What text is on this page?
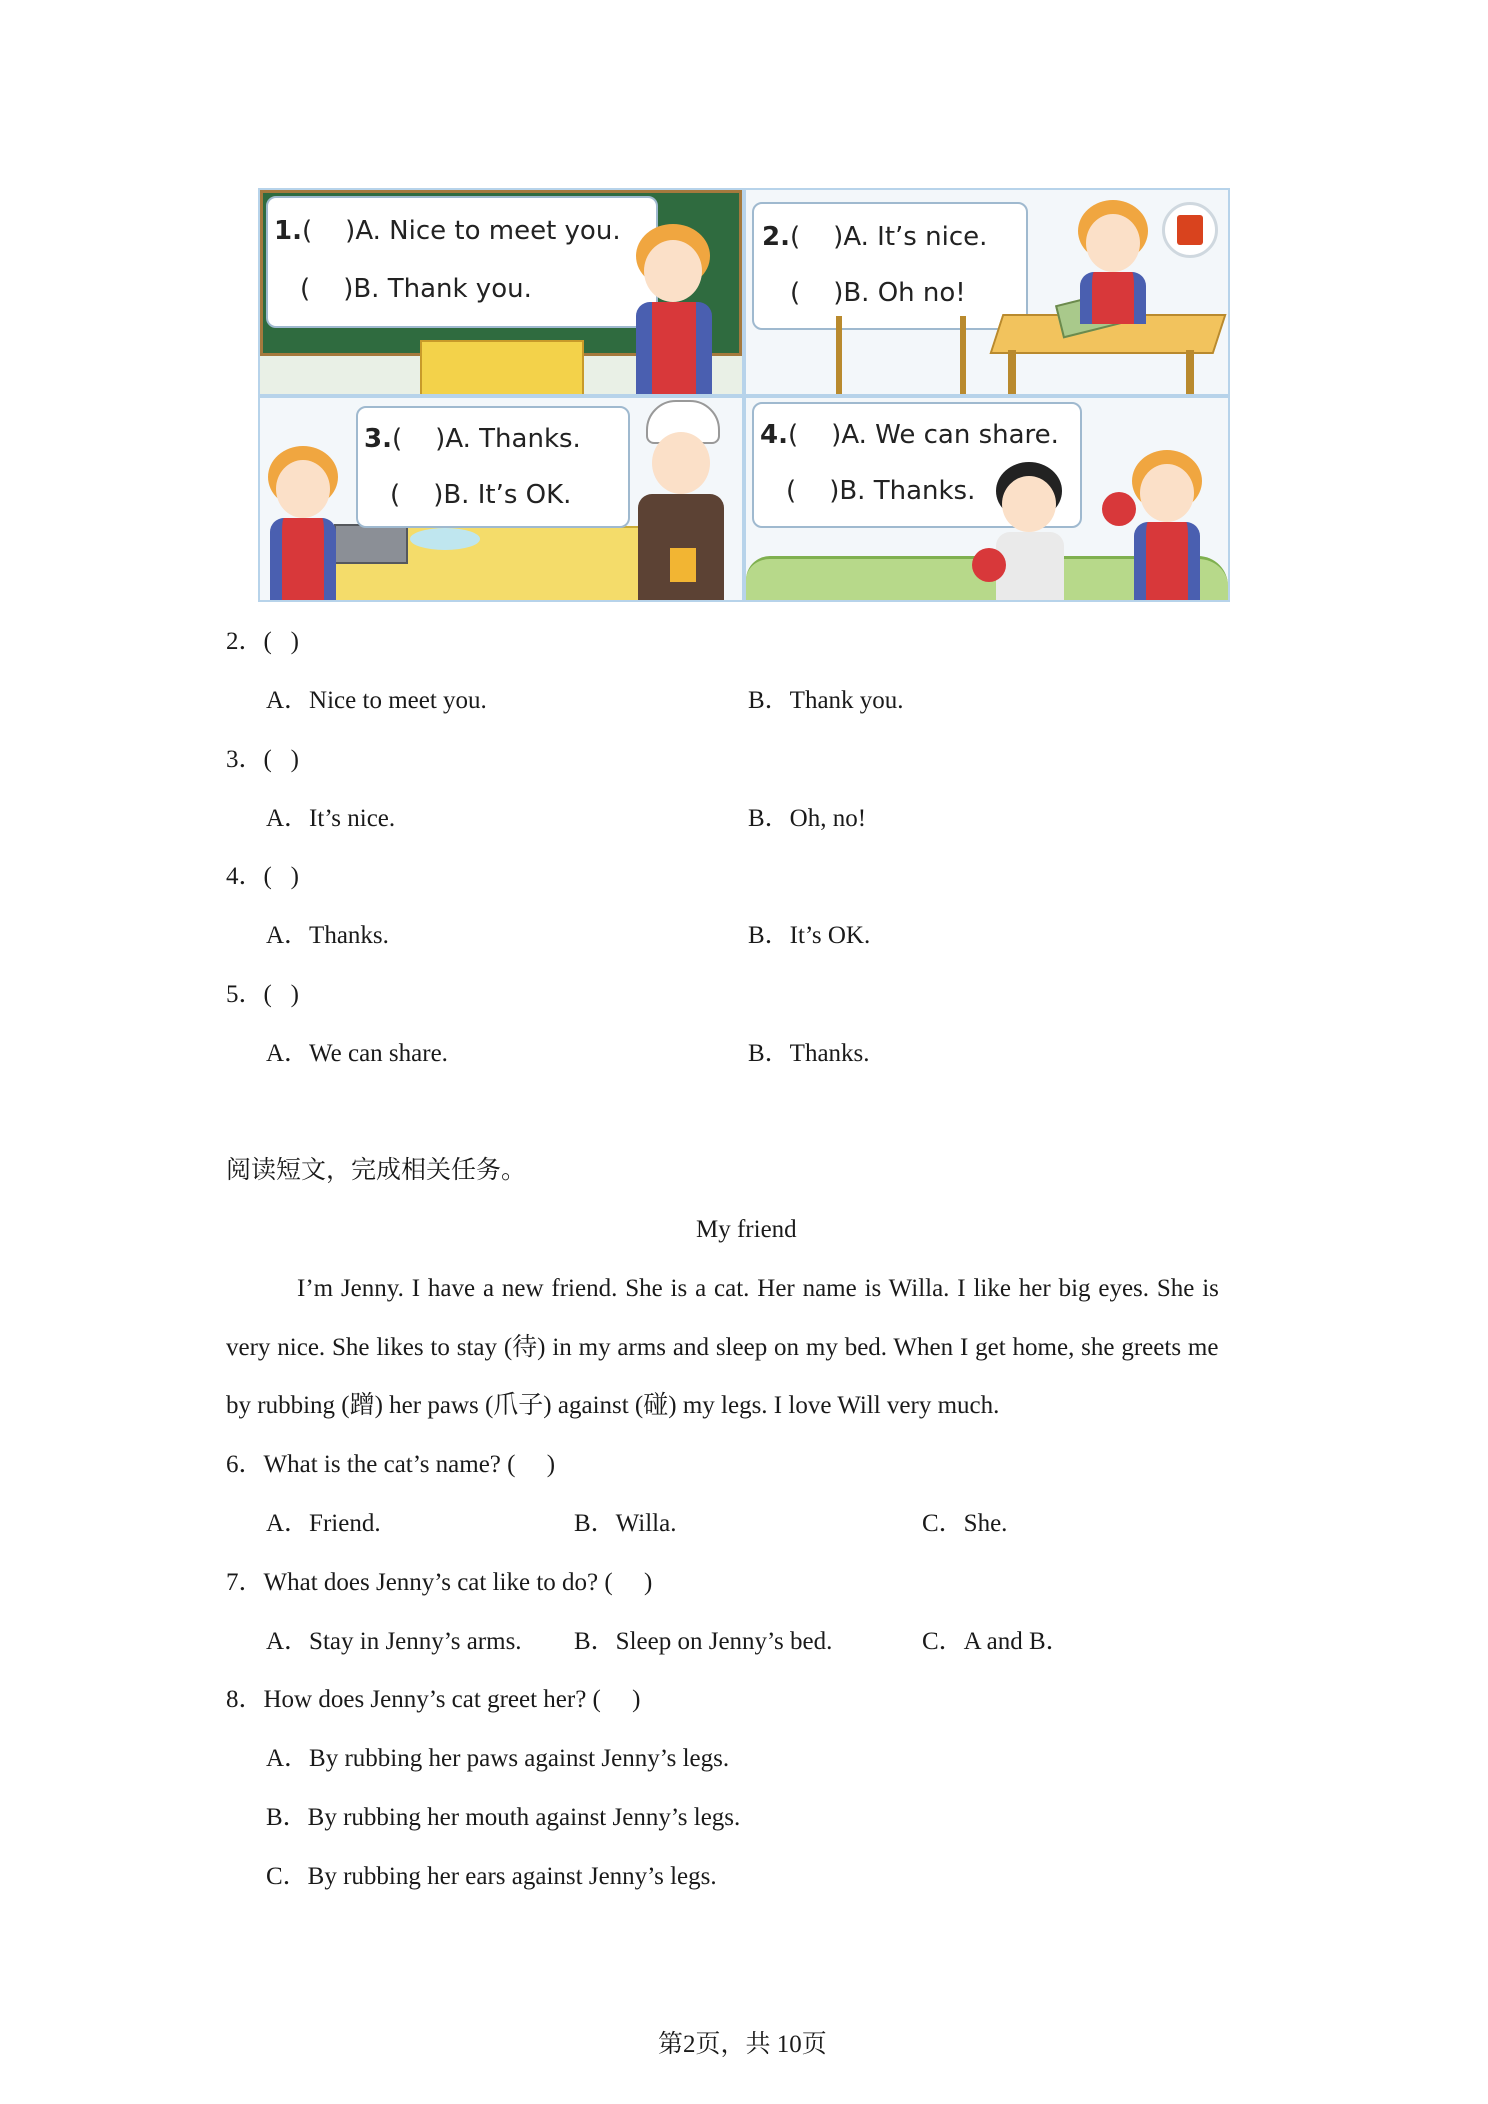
1.(    )A. Nice to meet you.
(    )B. Thank you.
2.(    )A. It’s nice.
(    )B. Oh no!
3.(    )A. Thanks.
(    )B. It’s OK.
4.(    )A. We can share.
(    )B. Thanks.
2．(   )
A．Nice to meet you.	B．Thank you.
3．(   )
A．It’s nice.	B．Oh, no!
4．(   )
A．Thanks.	B．It’s OK.
5．(   )
A．We can share.	B．Thanks.
阅读短文，完成相关任务。
My friend
I’m Jenny. I have a new friend. She is a cat. Her name is Willa. I like her big eyes. She is
very nice. She likes to stay (待) in my arms and sleep on my bed. When I get home, she greets me
by rubbing (蹭) her paws (爪子) against (碰) my legs. I love Will very much.
6．What is the cat’s name? (     )
A．Friend.	B．Willa.	C．She.
7．What does Jenny’s cat like to do? (     )
A．Stay in Jenny’s arms. B．Sleep on Jenny’s bed.	C．A and B．
8．How does Jenny’s cat greet her? (     )
A．By rubbing her paws against Jenny’s legs.
B．By rubbing her mouth against Jenny’s legs.
C．By rubbing her ears against Jenny’s legs.
第2页，共 10页
